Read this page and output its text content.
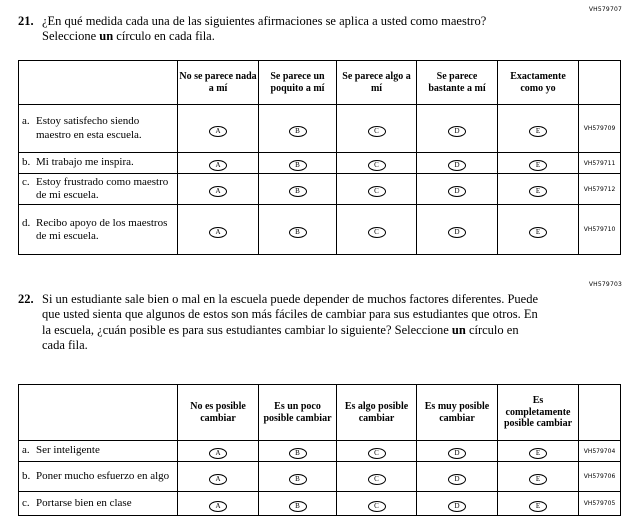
VH579707
21. ¿En qué medida cada una de las siguientes afirmaciones se aplica a usted como maestro? Seleccione un círculo en cada fila.

	No se parece nada a mí	Se parece un poquito a mí	Se parece algo a mí	Se parece bastante a mí	Exactamente como yo	

a. Estoy satisfecho siendo maestro en esta escuela.	A	B	C	D	E	VH579709

b. Mi trabajo me inspira.	A	B	C	D	E	VH579711

c. Estoy frustrado como maestro de mi escuela.	A	B	C	D	E	VH579712

d. Recibo apoyo de los maestros de mi escuela.	A	B	C	D	E	VH579710
VH579703
22. Si un estudiante sale bien o mal en la escuela puede depender de muchos factores diferentes. Puede que usted sienta que algunos de estos son más fáciles de cambiar para sus estudiantes que otros. En la escuela, ¿cuán posible es para sus estudiantes cambiar lo siguiente? Seleccione un círculo en cada fila.

	No es posible cambiar	Es un poco posible cambiar	Es algo posible cambiar	Es muy posible cambiar	Es completamente posible cambiar	

a. Ser inteligente	A	B	C	D	E	VH579704

b. Poner mucho esfuerzo en algo	A	B	C	D	E	VH579706

c. Portarse bien en clase	A	B	C	D	E	VH579705
